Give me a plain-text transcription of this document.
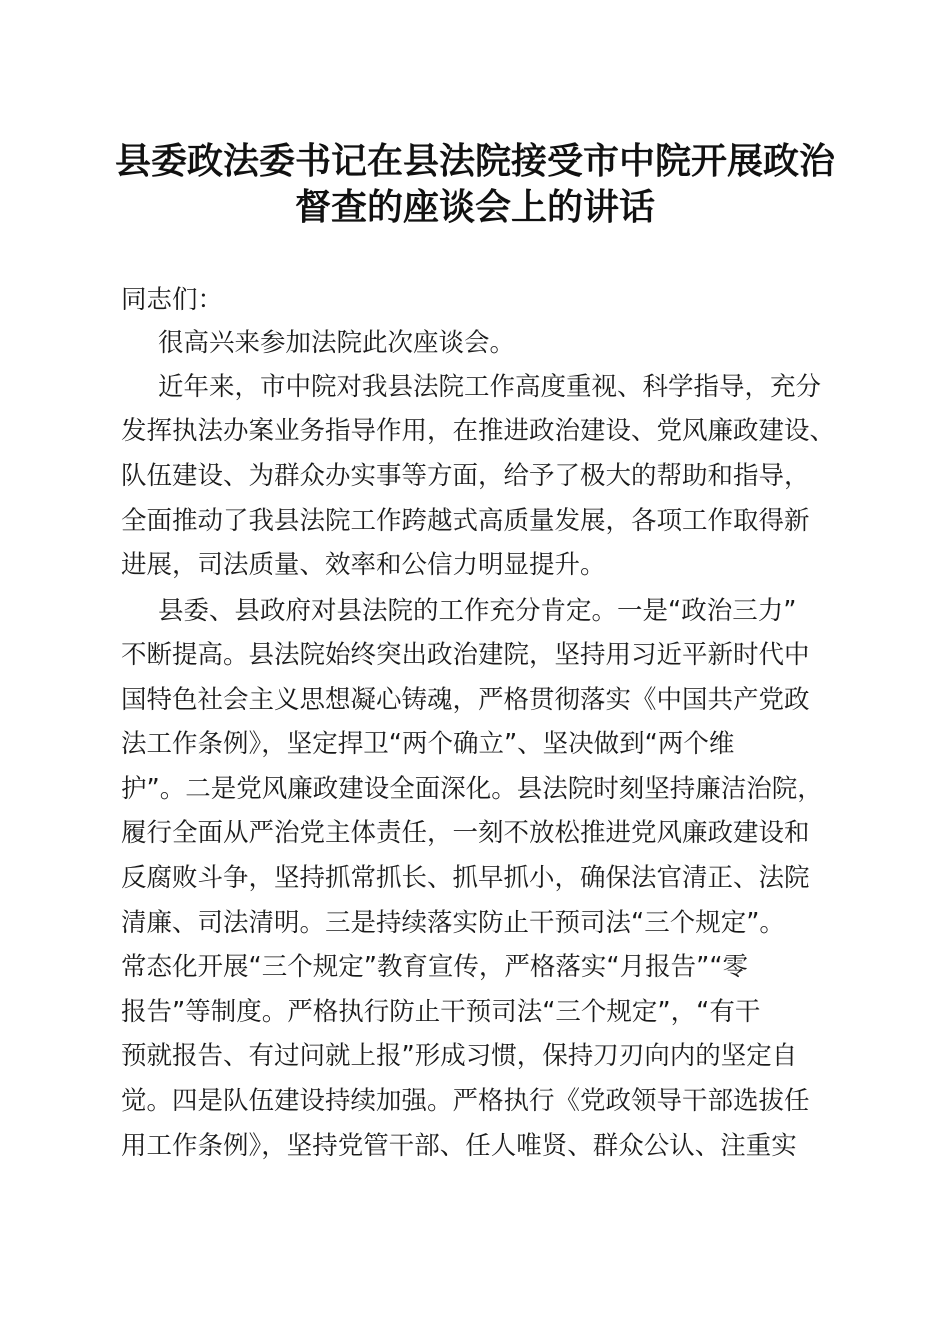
县委政法委书记在县法院接受市中院开展政治
督查的座谈会上的讲话

同志们：

很高兴来参加法院此次座谈会。

近年来，市中院对我县法院工作高度重视、科学指导，充分

发挥执法办案业务指导作用，在推进政治建设、党风廉政建设、

队伍建设、为群众办实事等方面，给予了极大的帮助和指导，

全面推动了我县法院工作跨越式高质量发展，各项工作取得新

进展，司法质量、效率和公信力明显提升。

县委、县政府对县法院的工作充分肯定。一是“政治三力”

不断提高。县法院始终突出政治建院，坚持用习近平新时代中

国特色社会主义思想凝心铸魂，严格贯彻落实《中国共产党政

法工作条例》，坚定捍卫“两个确立”、坚决做到“两个维

护”。二是党风廉政建设全面深化。县法院时刻坚持廉洁治院，

履行全面从严治党主体责任，一刻不放松推进党风廉政建设和

反腐败斗争，坚持抓常抓长、抓早抓小，确保法官清正、法院

清廉、司法清明。三是持续落实防止干预司法“三个规定”。

常态化开展“三个规定”教育宣传，严格落实“月报告”“零

报告”等制度。严格执行防止干预司法“三个规定”，“有干

预就报告、有过问就上报”形成习惯，保持刀刃向内的坚定自

觉。四是队伍建设持续加强。严格执行《党政领导干部选拔任

用工作条例》，坚持党管干部、任人唯贤、群众公认、注重实
